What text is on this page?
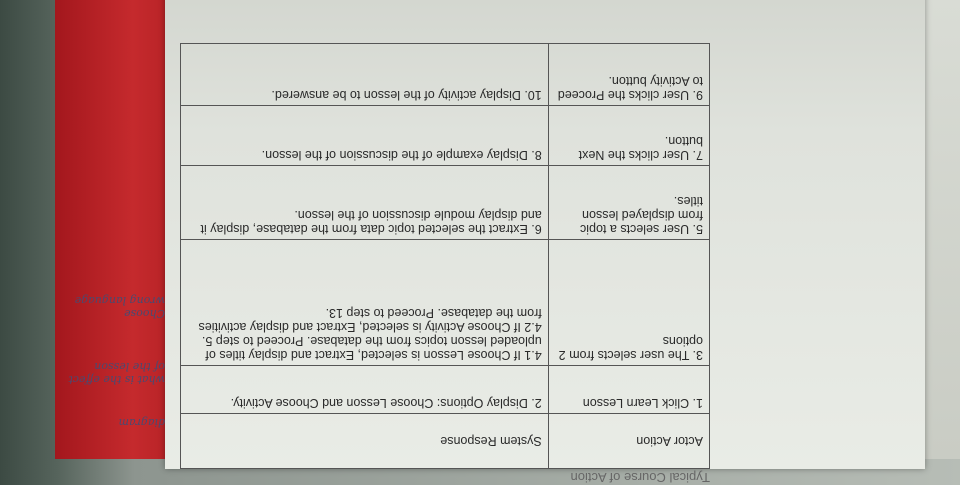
Typical Course of Action
Actor Action	System Response
1. Click Learn Lesson	2. Display Options: Choose Lesson and Choose Activity.
3. The user selects from 2 options	4.1 If Choose Lesson is selected, Extract and display titles of uploaded lesson topics from the database. Proceed to step 5. 4.2 If Choose Activity is selected, Extract and display activities from the database. Proceed to step 13.
5. User selects a topic from displayed lesson titles.	6. Extract the selected topic data from the database, display it and display module discussion of the lesson.
7. User clicks the Next button.	8. Display example of the discussion of the lesson.
9. User clicks the Proceed to Activity button.	10. Display activity of the lesson to be answered.
diagram
what is the effect of the lesson
Choose
wrong language
